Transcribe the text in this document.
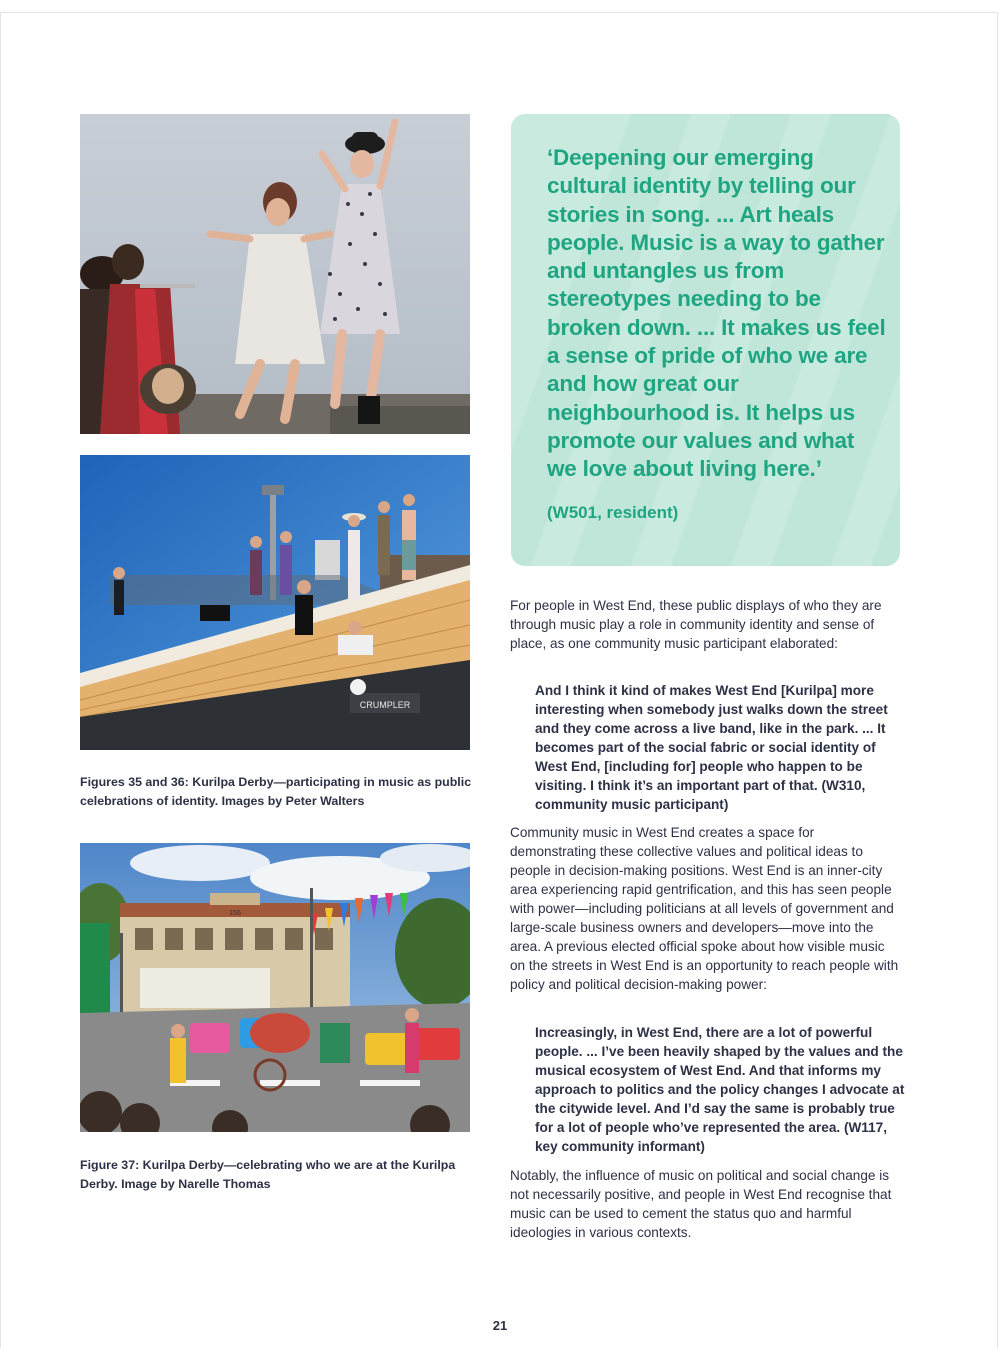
CRUMPLER
156
Figures 35 and 36: Kurilpa Derby—participating in music as public celebrations of identity. Images by Peter Walters
Figure 37: Kurilpa Derby—celebrating who we are at the Kurilpa Derby. Image by Narelle Thomas
‘Deepening our emerging cultural identity by telling our stories in song. ... Art heals people. Music is a way to gather and untangles us from stereotypes needing to be broken down. ... It makes us feel a sense of pride of who we are and how great our neighbourhood is. It helps us promote our values and what we love about living here.’
(W501, resident)

For people in West End, these public displays of who they are through music play a role in community identity and sense of place, as one community music participant elaborated:

And I think it kind of makes West End [Kurilpa] more interesting when somebody just walks down the street and they come across a live band, like in the park. ... It becomes part of the social fabric or social identity of West End, [including for] people who happen to be visiting. I think it’s an important part of that. (W310, community music participant)

Community music in West End creates a space for demonstrating these collective values and political ideas to people in decision-making positions. West End is an inner-city area experiencing rapid gentrification, and this has seen people with power—including politicians at all levels of government and large-scale business owners and developers—move into the area. A previous elected official spoke about how visible music on the streets in West End is an opportunity to reach people with policy and political decision-making power:

Increasingly, in West End, there are a lot of powerful people. ... I’ve been heavily shaped by the values and the musical ecosystem of West End. And that informs my approach to politics and the policy changes I advocate at the citywide level. And I’d say the same is probably true for a lot of people who’ve represented the area. (W117, key community informant)

Notably, the influence of music on political and social change is not necessarily positive, and people in West End recognise that music can be used to cement the status quo and harmful ideologies in various contexts.

21
